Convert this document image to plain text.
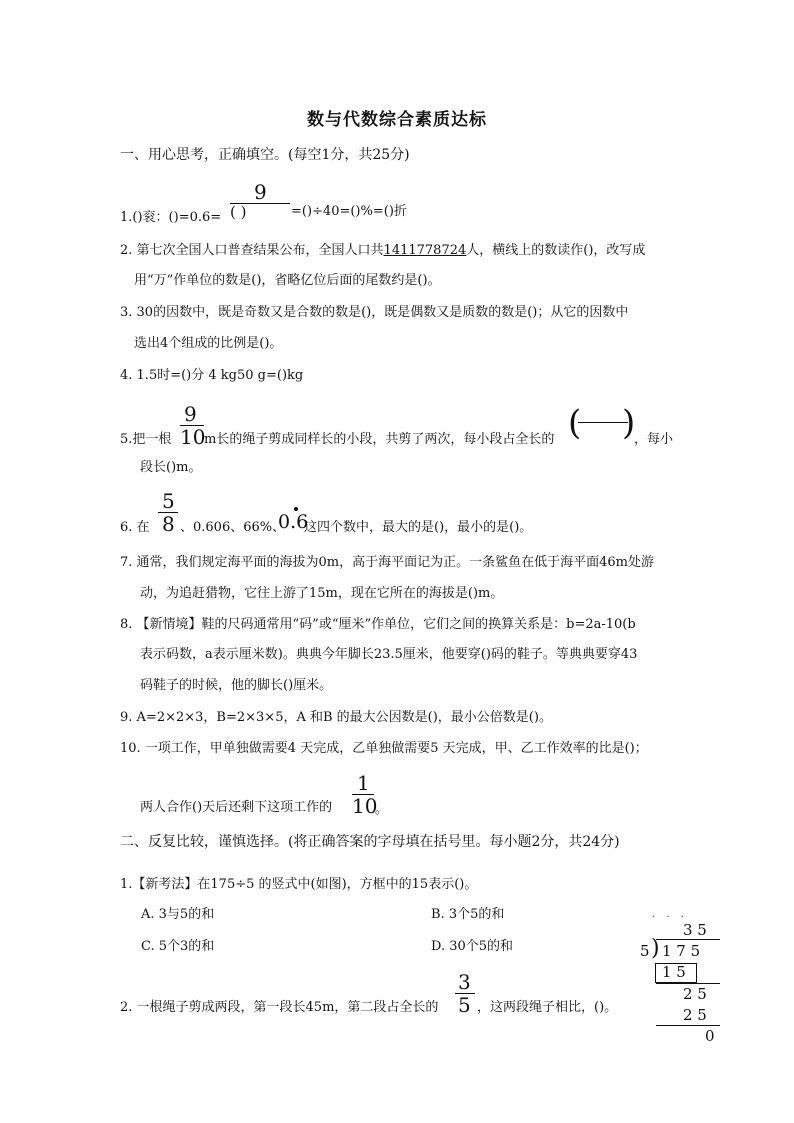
数与代数综合素质达标
一、用心思考，正确填空。(每空1分，共25分)
9
( )
1.()衮：()=0.6=	=()÷40=()%=()折
2. 第七次全国人口普查结果公布，全国人口共1411778724人，横线上的数读作()，改写成
用“万”作单位的数是()，省略亿位后面的尾数约是()。
3. 30的因数中，既是奇数又是合数的数是()，既是偶数又是质数的数是()；从它的因数中
选出4个组成的比例是()。
4. 1.5时=()分 4 kg50 g=()kg
9
10
5.把一根	m长的绳子剪成同样长的小段，共剪了两次，每小段占全长的 ( )
，每小
段长()m。
5
8
6. 在 、0.606、66%、
0.6
这四个数中，最大的是()，最小的是()。
7. 通常，我们规定海平面的海拔为0m，高于海平面记为正。一条鲨鱼在低于海平面46m处游
动，为追赶猎物，它往上游了15m，现在它所在的海拔是()m。
8. 【新情境】鞋的尺码通常用“码”或“厘米”作单位，它们之间的换算关系是：b=2a-10(b
表示码数，a表示厘米数)。典典今年脚长23.5厘米，他要穿()码的鞋子。等典典要穿43
码鞋子的时候，他的脚长()厘米。
9. A=2×2×3，B=2×3×5，A 和B 的最大公因数是()，最小公倍数是()。
10. 一项工作，甲单独做需要4 天完成，乙单独做需要5 天完成，甲、乙工作效率的比是()；
1
10
两人合作()天后还剩下这项工作的	。
二、反复比较，谨慎选择。(将正确答案的字母填在括号里。每小题2分，共24分)
1.【新考法】在175÷5 的竖式中(如图)，方框中的15表示()。
A. 3与5的和	B. 3个5的和
C. 5个3的和	D. 30个5的和
3
5
2. 一根绳子剪成两段，第一段长45m，第二段占全长的	，这两段绳子相比，()。
· · ·
3 5
5 ) 1 7 5
1 5
2 5
2 5
0
